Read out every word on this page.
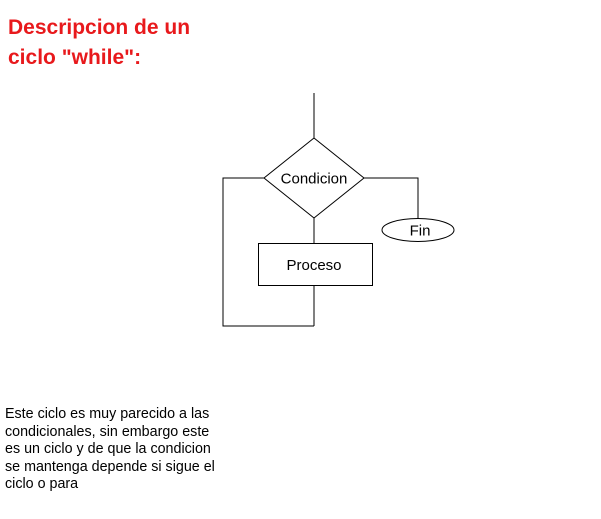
Descripcion de un ciclo "while":
Condicion
Proceso
Fin

Este ciclo es muy parecido a las condicionales, sin embargo este es un ciclo y de que la condicion se mantenga depende si sigue el ciclo o para
